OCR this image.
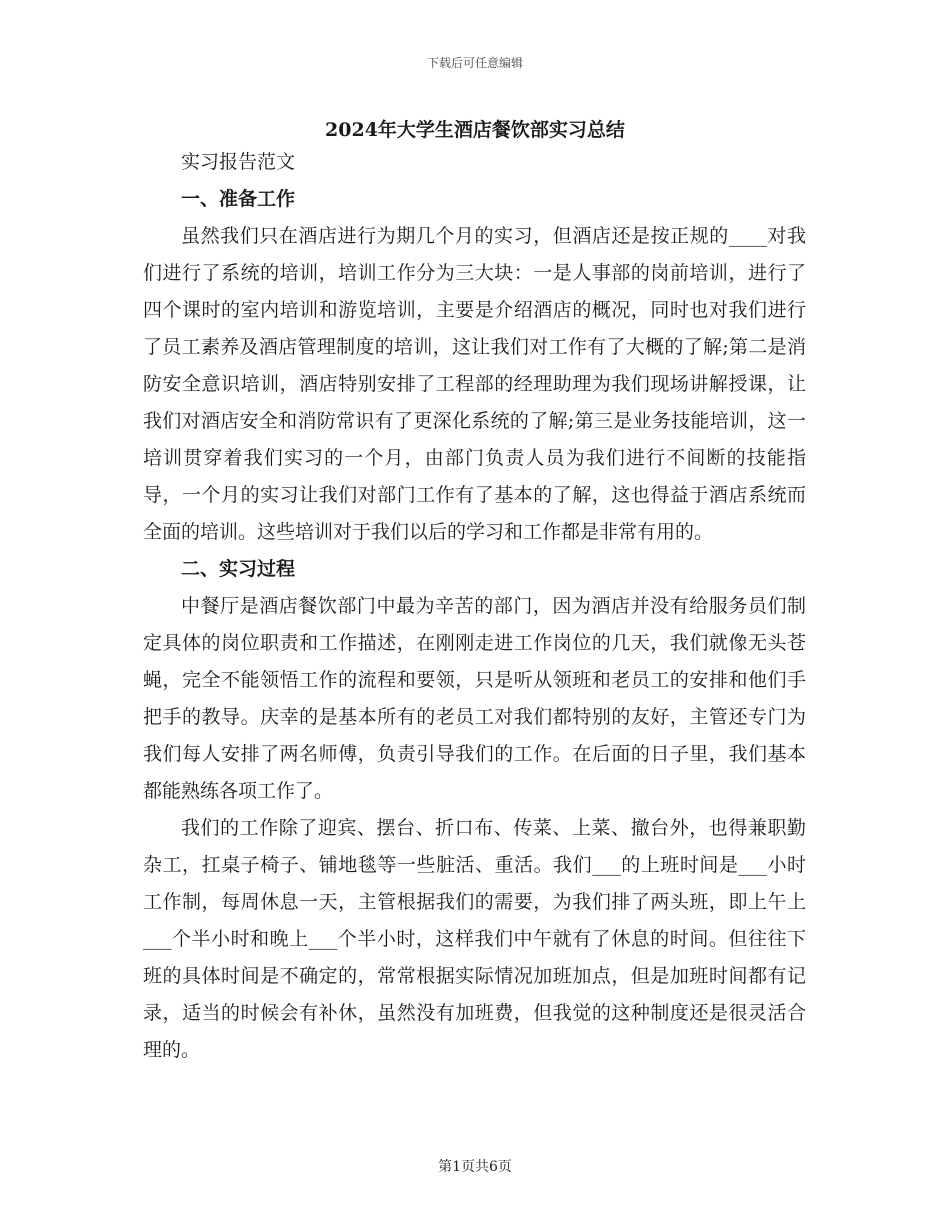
下载后可任意编辑
2024年大学生酒店餐饮部实习总结

实习报告范文

一、准备工作

虽然我们只在酒店进行为期几个月的实习，但酒店还是按正规的____对我们进行了系统的培训，培训工作分为三大块：一是人事部的岗前培训，进行了四个课时的室内培训和游览培训，主要是介绍酒店的概况，同时也对我们进行了员工素养及酒店管理制度的培训，这让我们对工作有了大概的了解;第二是消防安全意识培训，酒店特别安排了工程部的经理助理为我们现场讲解授课，让我们对酒店安全和消防常识有了更深化系统的了解;第三是业务技能培训，这一培训贯穿着我们实习的一个月，由部门负责人员为我们进行不间断的技能指导，一个月的实习让我们对部门工作有了基本的了解，这也得益于酒店系统而全面的培训。这些培训对于我们以后的学习和工作都是非常有用的。

二、实习过程

中餐厅是酒店餐饮部门中最为辛苦的部门，因为酒店并没有给服务员们制定具体的岗位职责和工作描述，在刚刚走进工作岗位的几天，我们就像无头苍蝇，完全不能领悟工作的流程和要领，只是听从领班和老员工的安排和他们手把手的教导。庆幸的是基本所有的老员工对我们都特别的友好，主管还专门为我们每人安排了两名师傅，负责引导我们的工作。在后面的日子里，我们基本都能熟练各项工作了。

我们的工作除了迎宾、摆台、折口布、传菜、上菜、撤台外，也得兼职勤杂工，扛桌子椅子、铺地毯等一些脏活、重活。我们___的上班时间是___小时工作制，每周休息一天，主管根据我们的需要，为我们排了两头班，即上午上___个半小时和晚上___个半小时，这样我们中午就有了休息的时间。但往往下班的具体时间是不确定的，常常根据实际情况加班加点，但是加班时间都有记录，适当的时候会有补休，虽然没有加班费，但我觉的这种制度还是很灵活合理的。

第1页共6页
